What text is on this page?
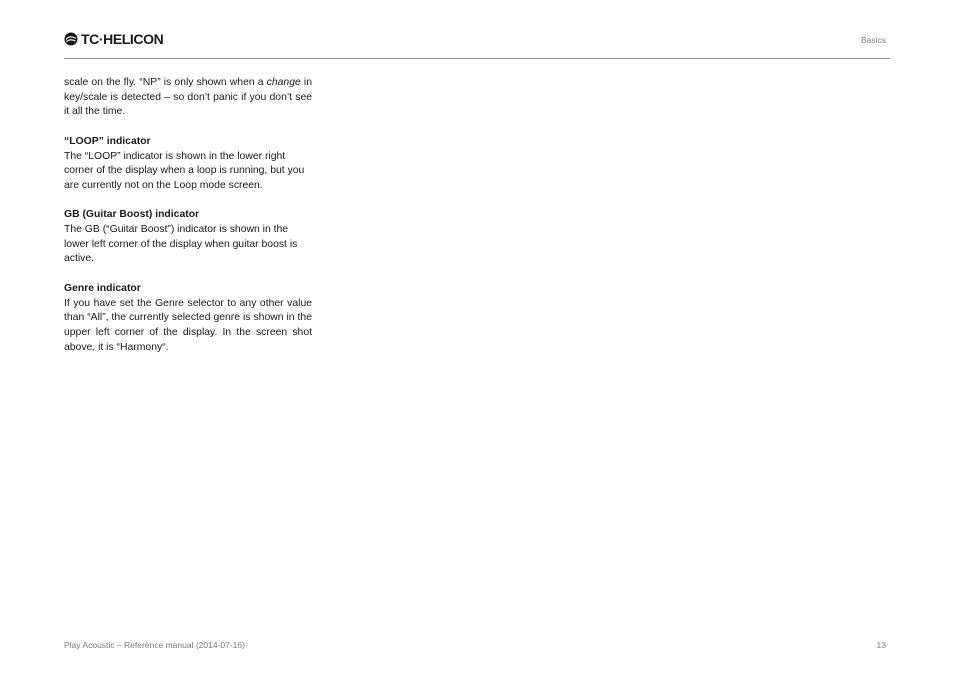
TC·HELICON	Basics

scale on the fly. “NP” is only shown when a change in key/scale is detected – so don’t panic if you don’t see it all the time.

“LOOP” indicator

The “LOOP” indicator is shown in the lower right corner of the display when a loop is running, but you are currently not on the Loop mode screen.

GB (Guitar Boost) indicator

The GB (“Guitar Boost”) indicator is shown in the lower left corner of the display when guitar boost is active.

Genre indicator

If you have set the Genre selector to any other value than “All”, the currently selected genre is shown in the upper left corner of the display. In the screen shot above, it is “Harmony“.

Play Acoustic – Reference manual (2014-07-16)	13
